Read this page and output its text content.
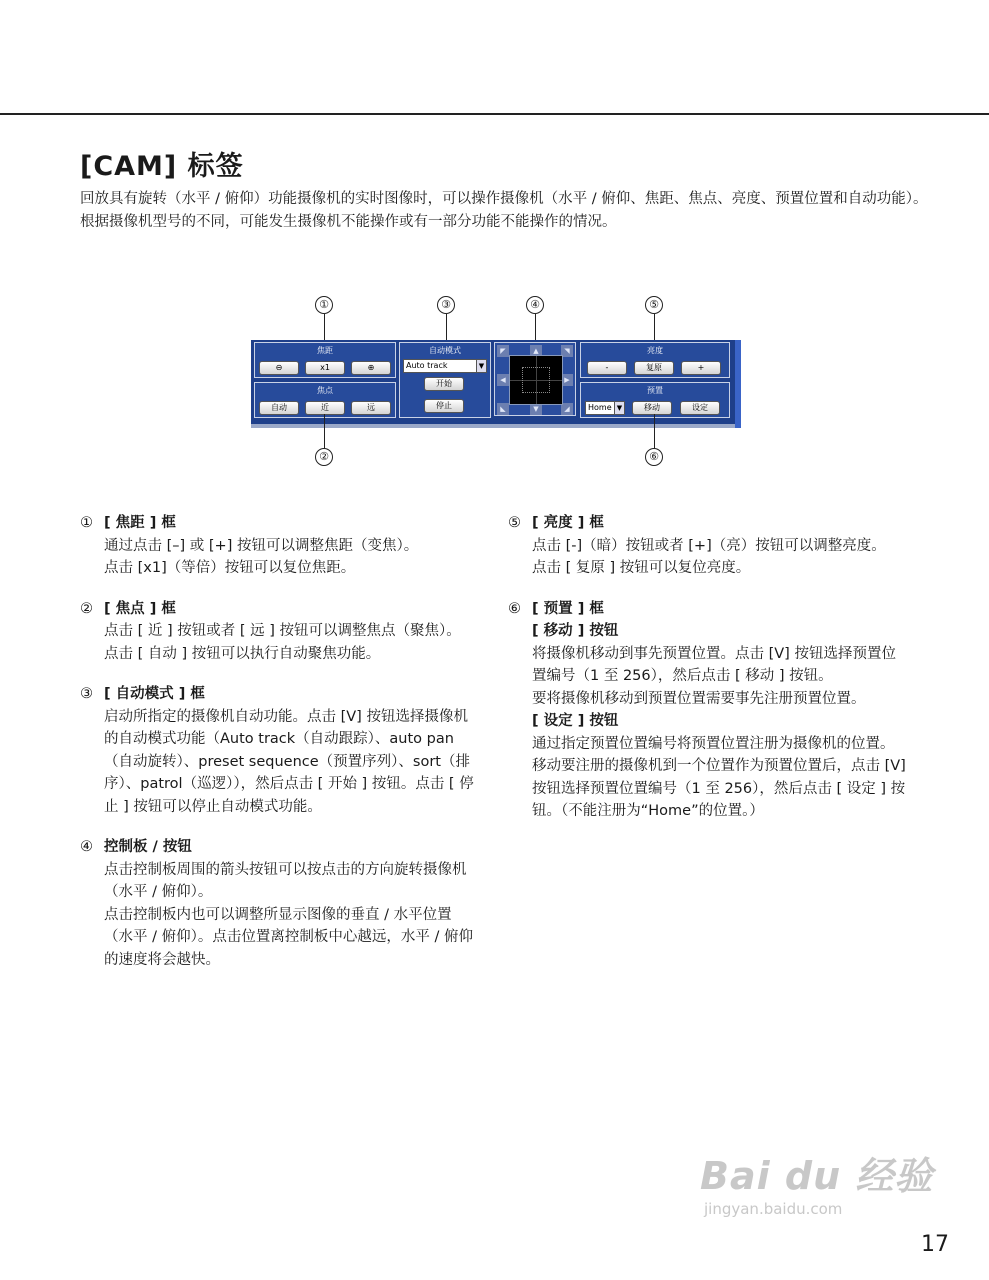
[CAM] 标签
回放具有旋转（水平 / 俯仰）功能摄像机的实时图像时，可以操作摄像机（水平 / 俯仰、焦距、焦点、亮度、预置位置和自动功能）。根据摄像机型号的不同，可能发生摄像机不能操作或有一部分功能不能操作的情况。
①	③	④	⑤
焦距
⊖	x1	⊕
焦点
自动	近	远
自动模式
Auto track	▼
开始
停止
◤	▲	◥
◀	▶
◣	▼	◢
亮度
-	复原	+
预置
Home ▼	移动	设定
②	⑥
① [ 焦距 ] 框
通过点击 [–] 或 [+] 按钮可以调整焦距（变焦）。
点击 [x1]（等倍）按钮可以复位焦距。
② [ 焦点 ] 框
点击 [ 近 ] 按钮或者 [ 远 ] 按钮可以调整焦点（聚焦）。
点击 [ 自动 ] 按钮可以执行自动聚焦功能。
③ [ 自动模式 ] 框
启动所指定的摄像机自动功能。点击 [V] 按钮选择摄像机的自动模式功能（Auto track（自动跟踪）、auto pan（自动旋转）、preset sequence（预置序列）、sort（排序）、patrol（巡逻）），然后点击 [ 开始 ] 按钮。点击 [ 停止 ] 按钮可以停止自动模式功能。
④ 控制板 / 按钮
点击控制板周围的箭头按钮可以按点击的方向旋转摄像机（水平 / 俯仰）。
点击控制板内也可以调整所显示图像的垂直 / 水平位置（水平 / 俯仰）。点击位置离控制板中心越远，水平 / 俯仰的速度将会越快。
⑤ [ 亮度 ] 框
点击 [-]（暗）按钮或者 [+]（亮）按钮可以调整亮度。
点击 [ 复原 ] 按钮可以复位亮度。
⑥ [ 预置 ] 框
[ 移动 ] 按钮
将摄像机移动到事先预置位置。点击 [V] 按钮选择预置位置编号（1 至 256），然后点击 [ 移动 ] 按钮。
要将摄像机移动到预置位置需要事先注册预置位置。
[ 设定 ] 按钮
通过指定预置位置编号将预置位置注册为摄像机的位置。移动要注册的摄像机到一个位置作为预置位置后，点击 [V] 按钮选择预置位置编号（1 至 256），然后点击 [ 设定 ] 按钮。（不能注册为“Home”的位置。）
Bai du 经验
jingyan.baidu.com
17
